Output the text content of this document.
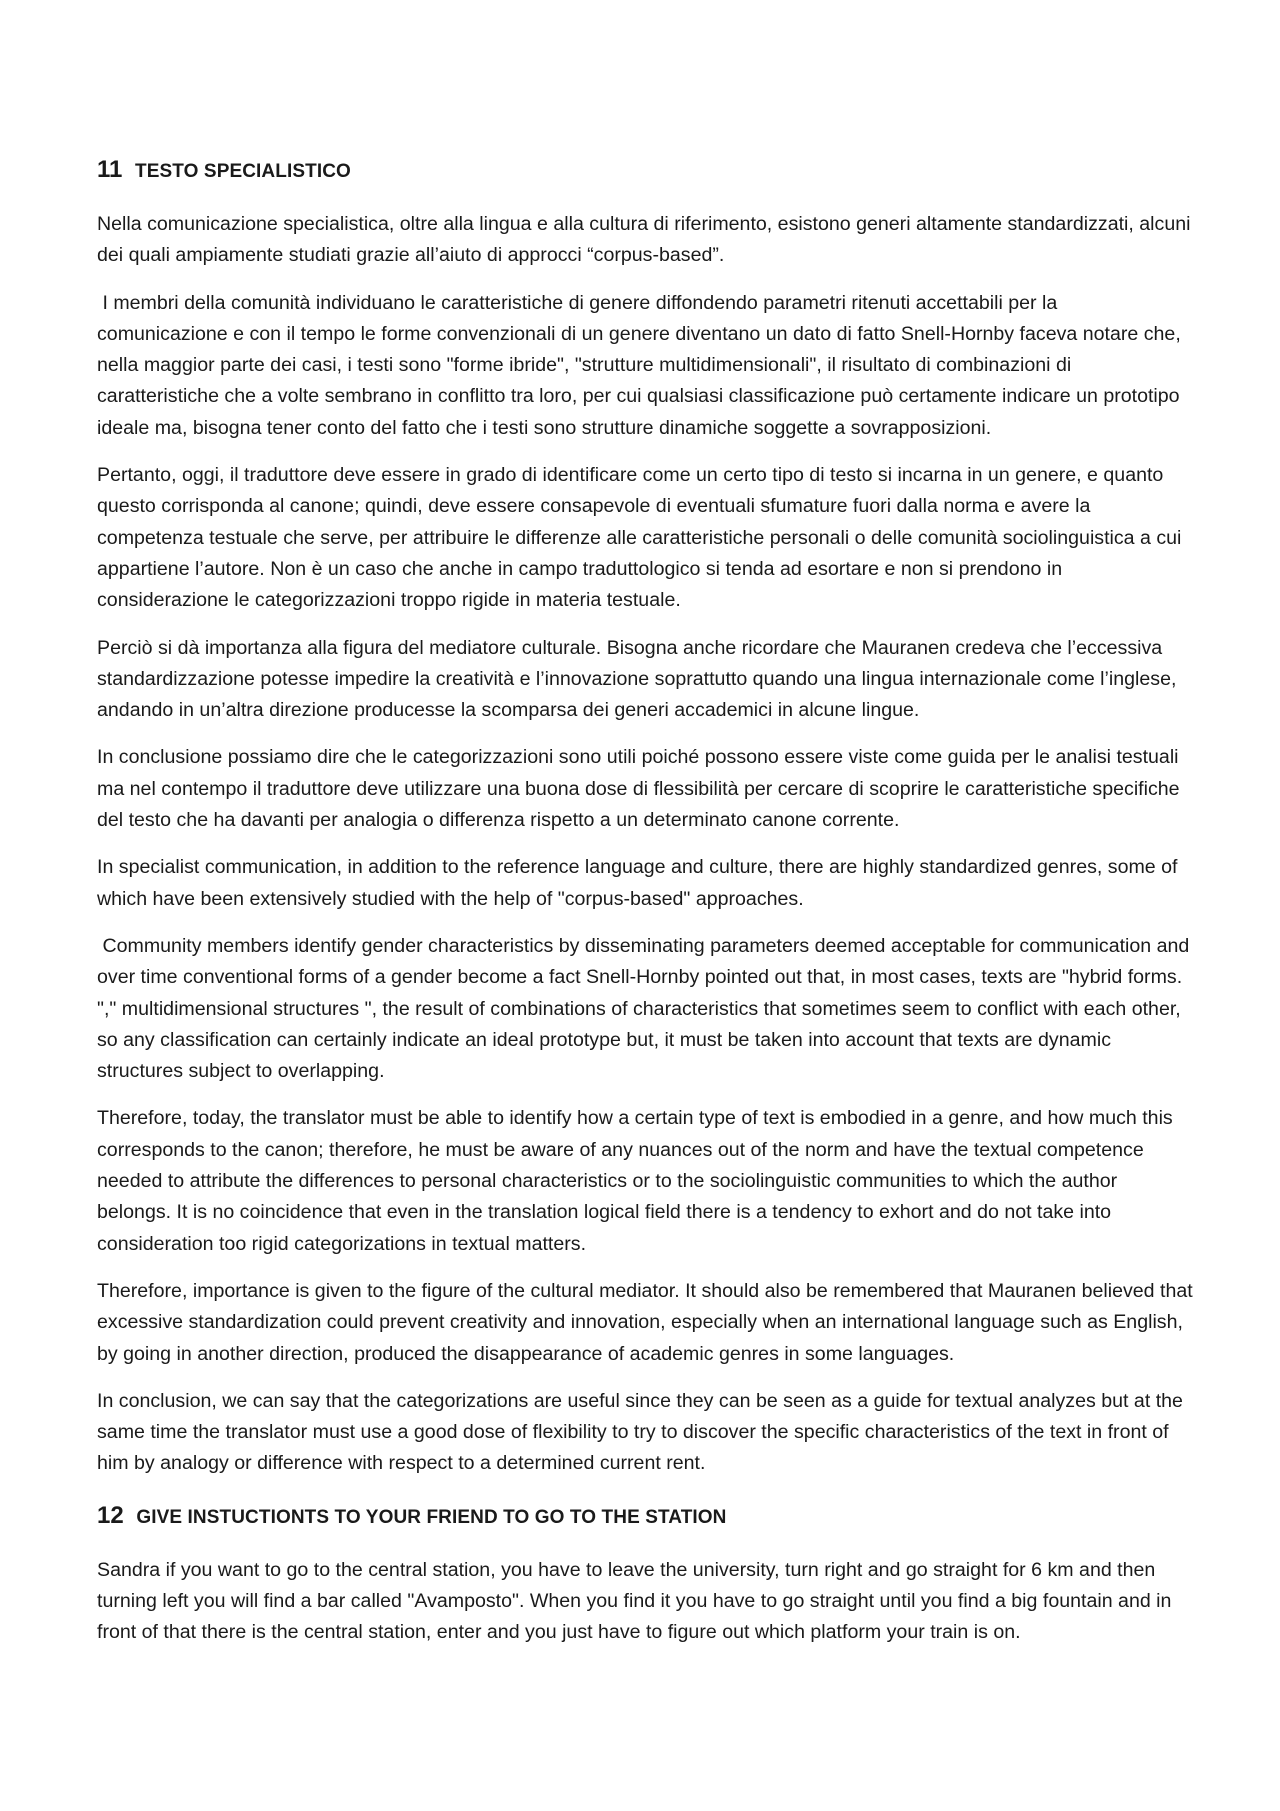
11 TESTO SPECIALISTICO

Nella comunicazione specialistica, oltre alla lingua e alla cultura di riferimento, esistono generi altamente standardizzati, alcuni dei quali ampiamente studiati grazie all’aiuto di approcci “corpus-based”.

I membri della comunità individuano le caratteristiche di genere diffondendo parametri ritenuti accettabili per la comunicazione e con il tempo le forme convenzionali di un genere diventano un dato di fatto Snell-Hornby faceva notare che, nella maggior parte dei casi, i testi sono "forme ibride", "strutture multidimensionali", il risultato di combinazioni di caratteristiche che a volte sembrano in conflitto tra loro, per cui qualsiasi classificazione può certamente indicare un prototipo ideale ma, bisogna tener conto del fatto che i testi sono strutture dinamiche soggette a sovrapposizioni.

Pertanto, oggi, il traduttore deve essere in grado di identificare come un certo tipo di testo si incarna in un genere, e quanto questo corrisponda al canone; quindi, deve essere consapevole di eventuali sfumature fuori dalla norma e avere la competenza testuale che serve, per attribuire le differenze alle caratteristiche personali o delle comunità sociolinguistica a cui appartiene l’autore. Non è un caso che anche in campo traduttologico si tenda ad esortare e non si prendono in considerazione le categorizzazioni troppo rigide in materia testuale.

Perciò si dà importanza alla figura del mediatore culturale. Bisogna anche ricordare che Mauranen credeva che l’eccessiva standardizzazione potesse impedire la creatività e l’innovazione soprattutto quando una lingua internazionale come l’inglese, andando in un’altra direzione producesse la scomparsa dei generi accademici in alcune lingue.

In conclusione possiamo dire che le categorizzazioni sono utili poiché possono essere viste come guida per le analisi testuali ma nel contempo il traduttore deve utilizzare una buona dose di flessibilità per cercare di scoprire le caratteristiche specifiche del testo che ha davanti per analogia o differenza rispetto a un determinato canone corrente.

In specialist communication, in addition to the reference language and culture, there are highly standardized genres, some of which have been extensively studied with the help of "corpus-based" approaches.

Community members identify gender characteristics by disseminating parameters deemed acceptable for communication and over time conventional forms of a gender become a fact Snell-Hornby pointed out that, in most cases, texts are "hybrid forms. "," multidimensional structures ", the result of combinations of characteristics that sometimes seem to conflict with each other, so any classification can certainly indicate an ideal prototype but, it must be taken into account that texts are dynamic structures subject to overlapping.

Therefore, today, the translator must be able to identify how a certain type of text is embodied in a genre, and how much this corresponds to the canon; therefore, he must be aware of any nuances out of the norm and have the textual competence needed to attribute the differences to personal characteristics or to the sociolinguistic communities to which the author belongs. It is no coincidence that even in the translation logical field there is a tendency to exhort and do not take into consideration too rigid categorizations in textual matters.

Therefore, importance is given to the figure of the cultural mediator. It should also be remembered that Mauranen believed that excessive standardization could prevent creativity and innovation, especially when an international language such as English, by going in another direction, produced the disappearance of academic genres in some languages.

In conclusion, we can say that the categorizations are useful since they can be seen as a guide for textual analyzes but at the same time the translator must use a good dose of flexibility to try to discover the specific characteristics of the text in front of him by analogy or difference with respect to a determined current rent.

12 GIVE INSTUCTIONTS TO YOUR FRIEND TO GO TO THE STATION

Sandra if you want to go to the central station, you have to leave the university, turn right and go straight for 6 km and then turning left you will find a bar called "Avamposto". When you find it you have to go straight until you find a big fountain and in front of that there is the central station, enter and you just have to figure out which platform your train is on.
